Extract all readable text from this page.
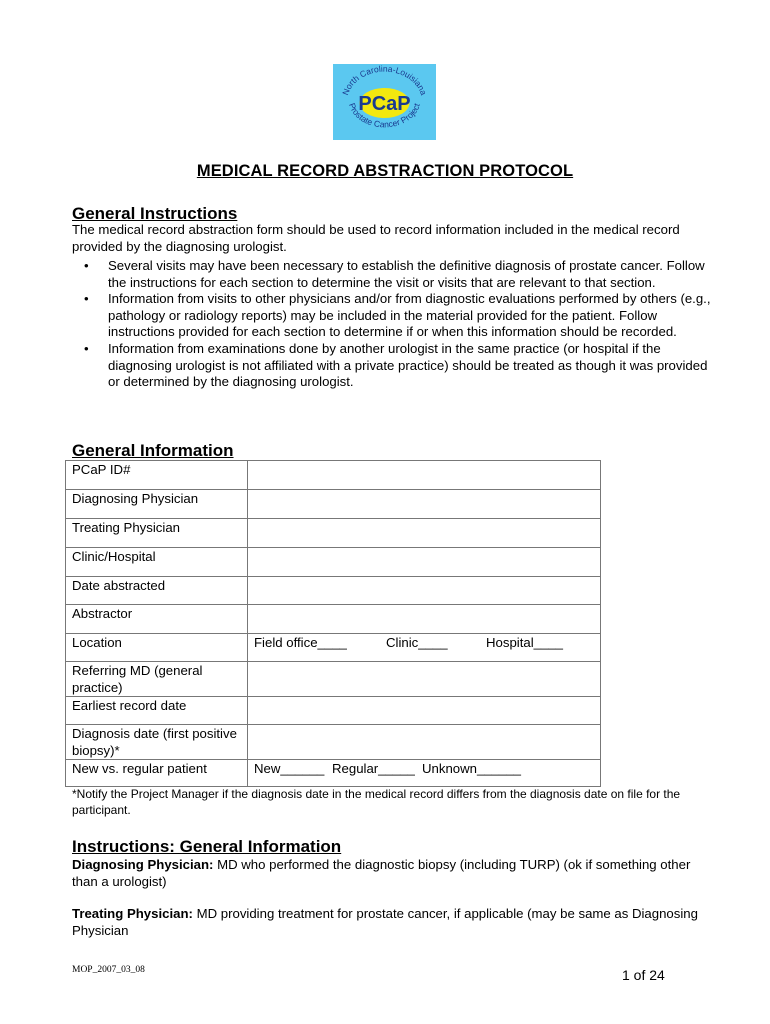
PCaP
North Carolina-Louisiana
Prostate Cancer Project
MEDICAL RECORD ABSTRACTION PROTOCOL
General Instructions
The medical record abstraction form should be used to record information included in the medical record provided by the diagnosing urologist.
• Several visits may have been necessary to establish the definitive diagnosis of prostate cancer. Follow the instructions for each section to determine the visit or visits that are relevant to that section.
• Information from visits to other physicians and/or from diagnostic evaluations performed by others (e.g., pathology or radiology reports) may be included in the material provided for the patient. Follow instructions provided for each section to determine if or when this information should be recorded.
• Information from examinations done by another urologist in the same practice (or hospital if the diagnosing urologist is not affiliated with a private practice) should be treated as though it was provided or determined by the diagnosing urologist.
General Information
PCaP ID#	
Diagnosing Physician	
Treating Physician	
Clinic/Hospital	
Date abstracted	
Abstractor	
Location	Field office____ Clinic____ Hospital____
Referring MD (general practice)	
Earliest record date	
Diagnosis date (first positive biopsy)*	
New vs. regular patient	New______ Regular_____ Unknown______
*Notify the Project Manager if the diagnosis date in the medical record differs from the diagnosis date on file for the participant.
Instructions: General Information
Diagnosing Physician: MD who performed the diagnostic biopsy (including TURP) (ok if something other than a urologist)
Treating Physician: MD providing treatment for prostate cancer, if applicable (may be same as Diagnosing Physician
MOP_2007_03_08	1 of 24
